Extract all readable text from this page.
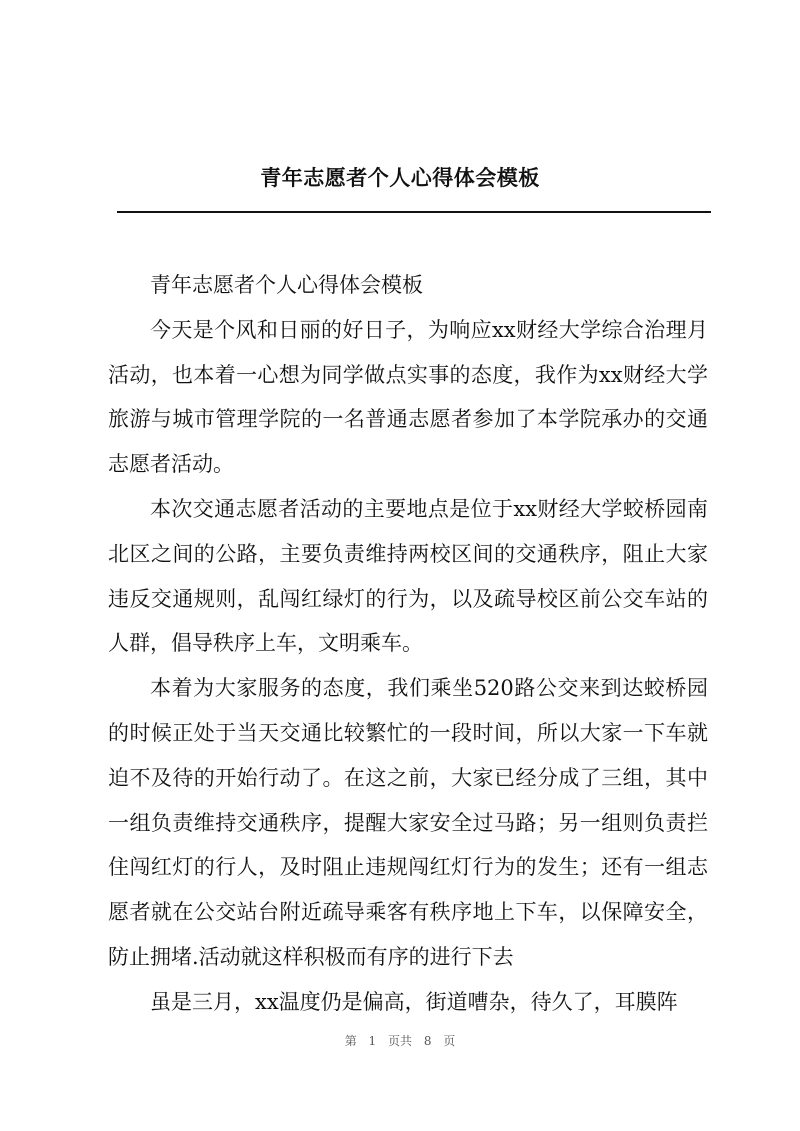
青年志愿者个人心得体会模板

青年志愿者个人心得体会模板

今天是个风和日丽的好日子，为响应xx财经大学综合治理月活动，也本着一心想为同学做点实事的态度，我作为xx财经大学旅游与城市管理学院的一名普通志愿者参加了本学院承办的交通志愿者活动。

本次交通志愿者活动的主要地点是位于xx财经大学蛟桥园南北区之间的公路，主要负责维持两校区间的交通秩序，阻止大家违反交通规则，乱闯红绿灯的行为，以及疏导校区前公交车站的人群，倡导秩序上车，文明乘车。

本着为大家服务的态度，我们乘坐520路公交来到达蛟桥园的时候正处于当天交通比较繁忙的一段时间，所以大家一下车就迫不及待的开始行动了。在这之前，大家已经分成了三组，其中一组负责维持交通秩序，提醒大家安全过马路；另一组则负责拦住闯红灯的行人，及时阻止违规闯红灯行为的发生；还有一组志愿者就在公交站台附近疏导乘客有秩序地上下车，以保障安全，防止拥堵.活动就这样积极而有序的进行下去

虽是三月，xx温度仍是偏高，街道嘈杂，待久了，耳膜阵

第 1 页共 8 页
